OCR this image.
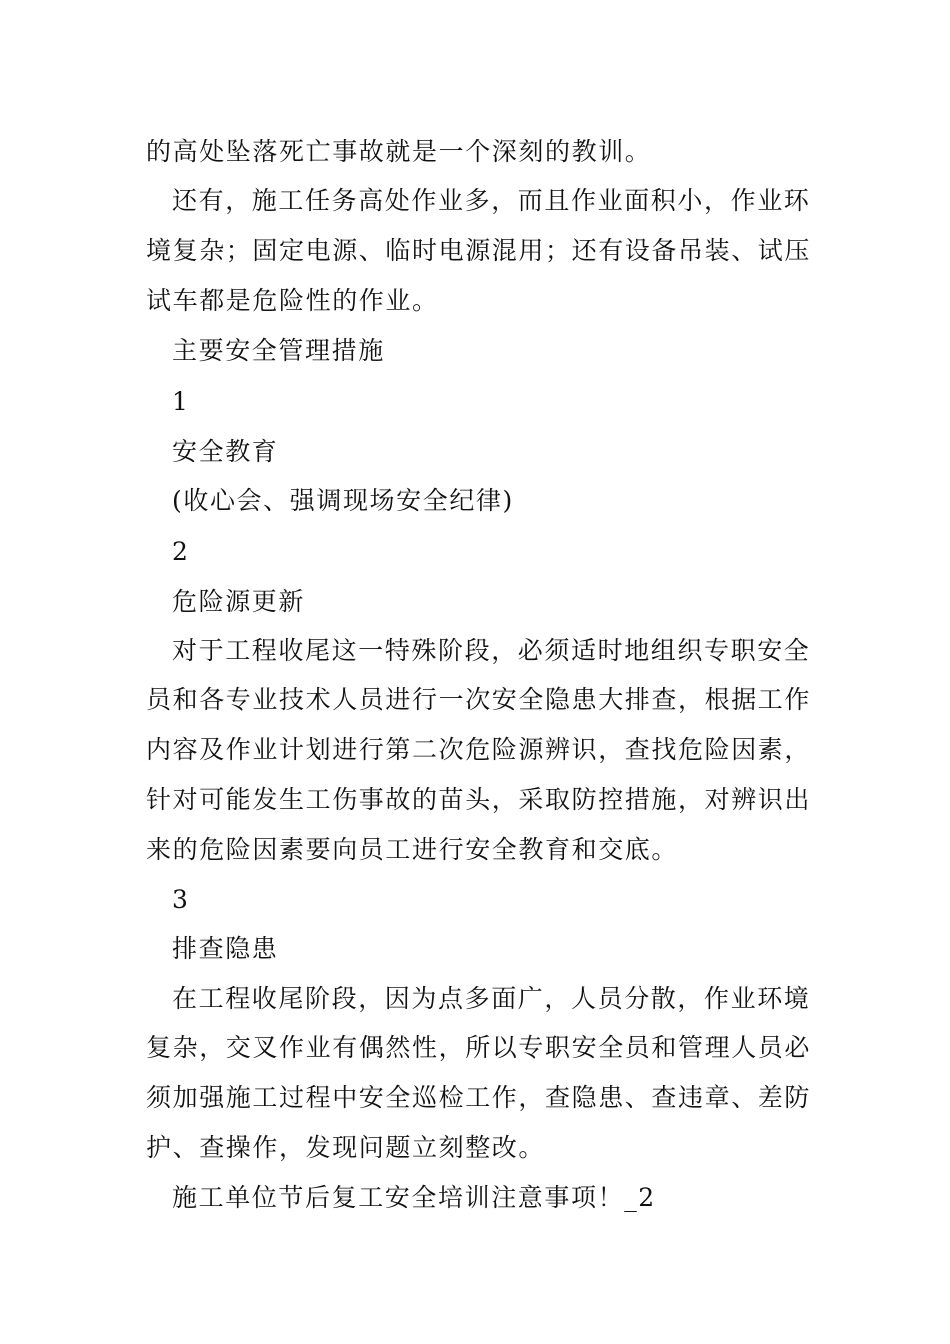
的高处坠落死亡事故就是一个深刻的教训。
还有，施工任务高处作业多，而且作业面积小，作业环
境复杂；固定电源、临时电源混用；还有设备吊装、试压
试车都是危险性的作业。
主要安全管理措施
1
安全教育
(收心会、强调现场安全纪律)
2
危险源更新
对于工程收尾这一特殊阶段，必须适时地组织专职安全
员和各专业技术人员进行一次安全隐患大排查，根据工作
内容及作业计划进行第二次危险源辨识，查找危险因素，
针对可能发生工伤事故的苗头，采取防控措施，对辨识出
来的危险因素要向员工进行安全教育和交底。
3
排查隐患
在工程收尾阶段，因为点多面广，人员分散，作业环境
复杂，交叉作业有偶然性，所以专职安全员和管理人员必
须加强施工过程中安全巡检工作，查隐患、查违章、差防
护、查操作，发现问题立刻整改。
施工单位节后复工安全培训注意事项！_2
